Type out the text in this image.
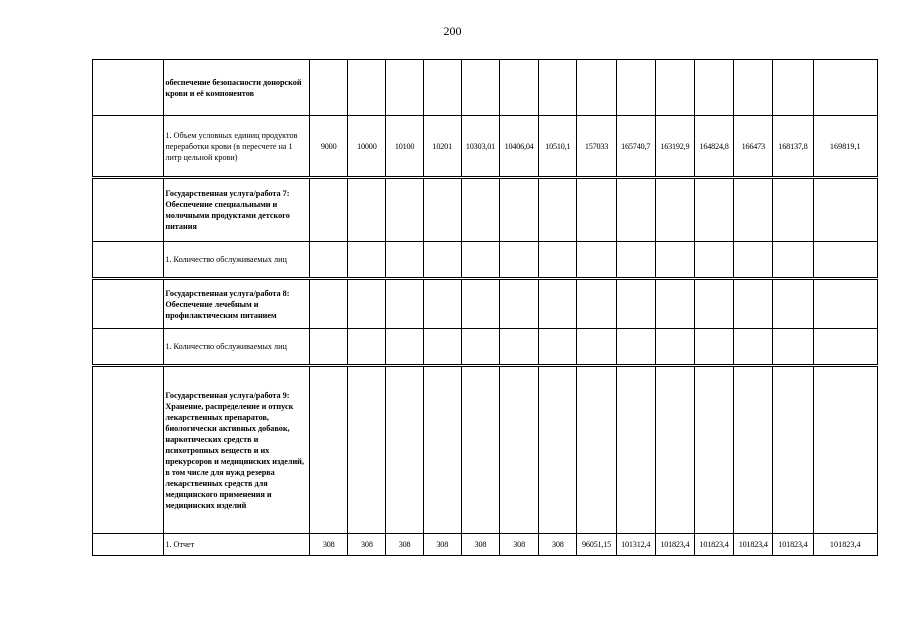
200
	обеспечение безопасности донорской крови и её компонентов														
	1. Объем условных единиц продуктов переработки крови (в пересчете на 1 литр цельной крови)	9000	10000	10100	10201	10303,01	10406,04	10510,1	157033	165740,7	163192,9	164824,8	166473	168137,8	169819,1
	Государственная услуга/работа 7: Обеспечение специальными и молочными продуктами детского питания														
	1. Количество обслуживаемых лиц														
	Государственная услуга/работа 8: Обеспечение лечебным и профилактическим питанием														
	1. Количество обслуживаемых лиц														
	Государственная услуга/работа 9: Хранение, распределение и отпуск лекарственных препаратов, биологически активных добавок, наркотических средств и психотропных веществ и их прекурсоров и медицинских изделий, в том числе для нужд резерва лекарственных средств для медицинского применения и медицинских изделий														
	1. Отчет	308	308	308	308	308	308	308	96051,15	101312,4	101823,4	101823,4	101823,4	101823,4	101823,4
